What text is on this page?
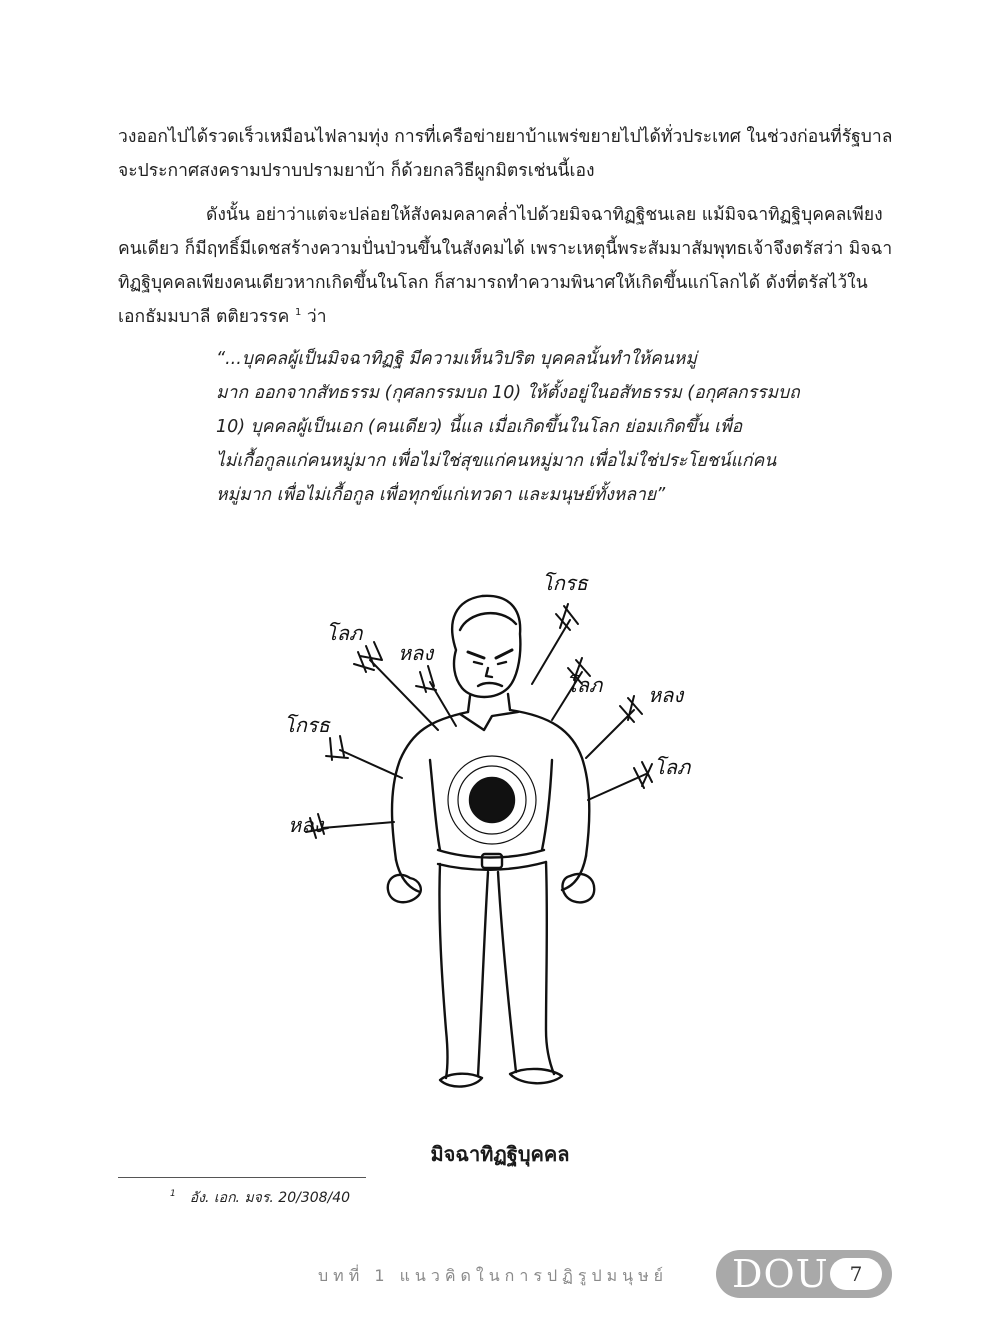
วงออกไปได้รวดเร็วเหมือนไฟลามทุ่ง การที่เครือข่ายยาบ้าแพร่ขยายไปได้ทั่วประเทศ ในช่วงก่อนที่รัฐบาล
จะประกาศสงครามปราบปรามยาบ้า ก็ด้วยกลวิธีผูกมิตรเช่นนี้เอง
ดังนั้น อย่าว่าแต่จะปล่อยให้สังคมคลาคล่ำไปด้วยมิจฉาทิฏฐิชนเลย แม้มิจฉาทิฏฐิบุคคลเพียง
คนเดียว ก็มีฤทธิ์มีเดชสร้างความปั่นป่วนขึ้นในสังคมได้ เพราะเหตุนี้พระสัมมาสัมพุทธเจ้าจึงตรัสว่า มิจฉา
ทิฏฐิบุคคลเพียงคนเดียวหากเกิดขึ้นในโลก ก็สามารถทำความพินาศให้เกิดขึ้นแก่โลกได้ ดังที่ตรัสไว้ใน
เอกธัมมบาลี ตติยวรรค $^1$ ว่า
“...บุคคลผู้เป็นมิจฉาทิฏฐิ มีความเห็นวิปริต บุคคลนั้นทำให้คนหมู่
มาก ออกจากสัทธรรม (กุศลกรรมบถ 10) ให้ตั้งอยู่ในอสัทธรรม (อกุศลกรรมบถ
10) บุคคลผู้เป็นเอก (คนเดียว) นี้แล เมื่อเกิดขึ้นในโลก ย่อมเกิดขึ้น เพื่อ
ไม่เกื้อกูลแก่คนหมู่มาก เพื่อไม่ใช่สุขแก่คนหมู่มาก เพื่อไม่ใช่ประโยชน์แก่คน
หมู่มาก เพื่อไม่เกื้อกูล เพื่อทุกข์แก่เทวดา และมนุษย์ทั้งหลาย”
โกรธ
โลภ
หลง
โกรธ
หลง
โลภ หลง
โลภ
มิจฉาทิฏฐิบุคคล
$^1$ อัง. เอก. มจร. 20/308/40
บทที่ 1 แนวคิดในการปฏิรูปมนุษย์ DOU	7
